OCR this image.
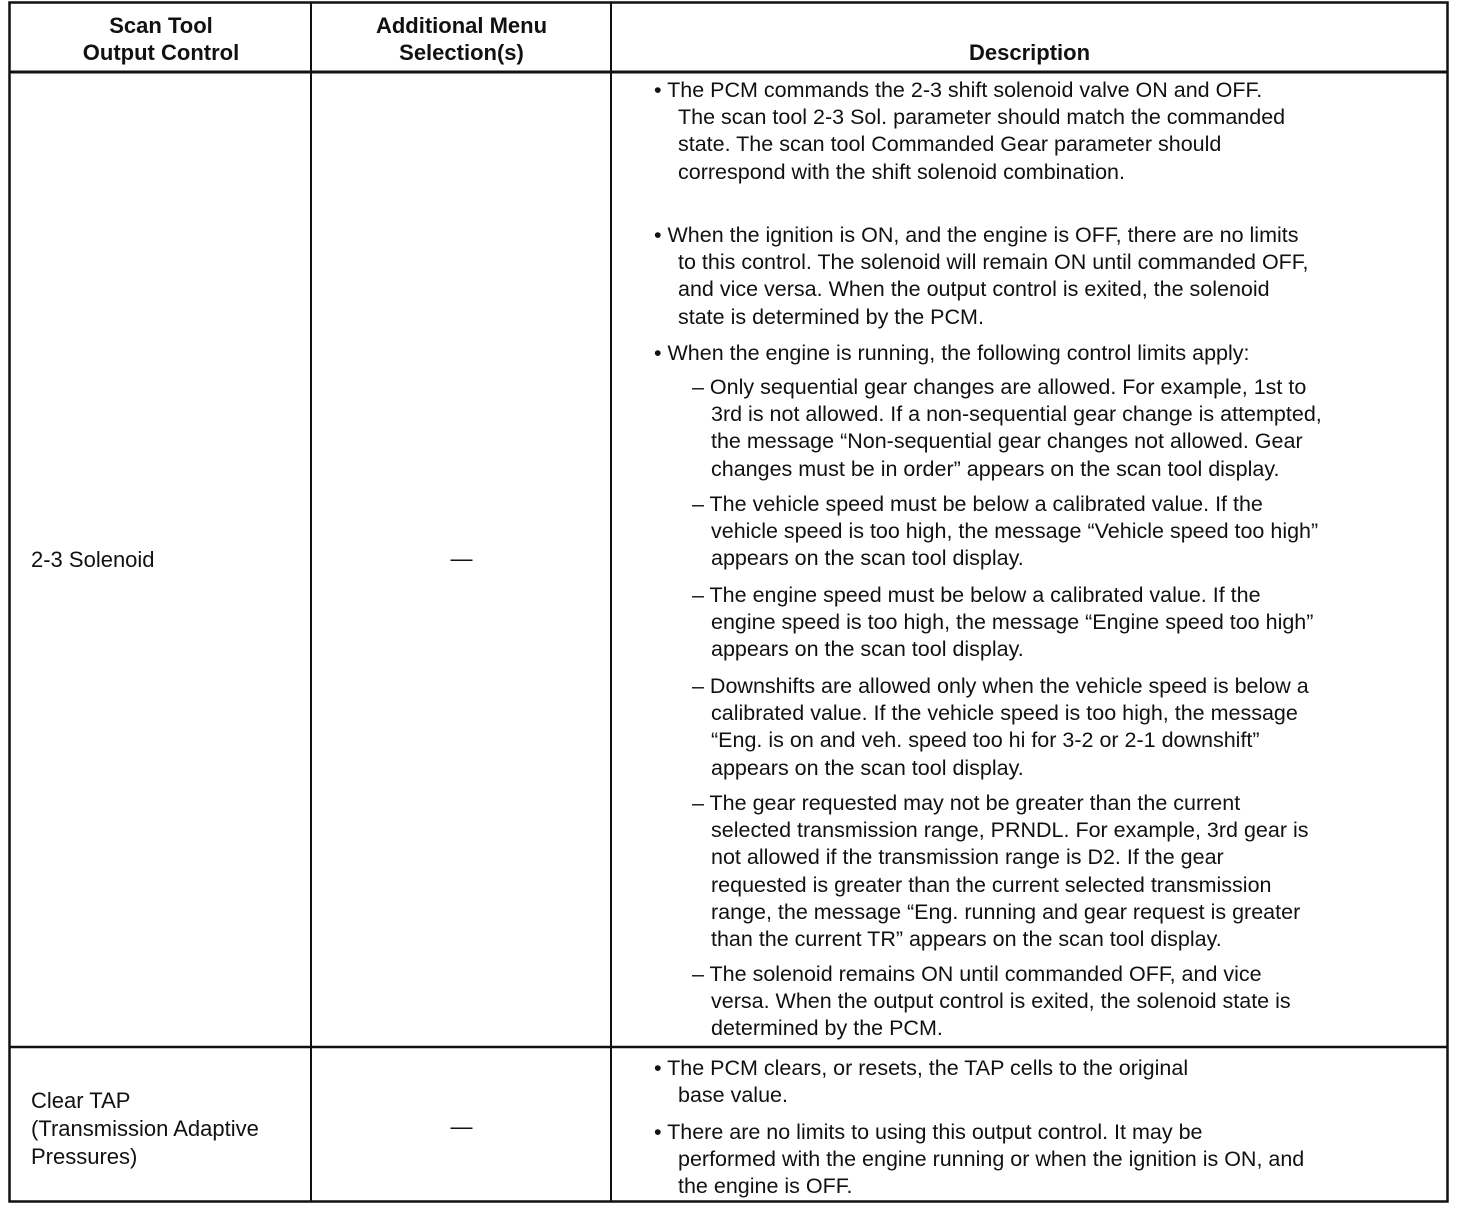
Scan Tool
Output Control
Additional Menu
Selection(s)	Description
2-3 Solenoid	—
• The PCM commands the 2-3 shift solenoid valve ON and OFF.
The scan tool 2-3 Sol. parameter should match the commanded
state. The scan tool Commanded Gear parameter should
correspond with the shift solenoid combination.
• When the ignition is ON, and the engine is OFF, there are no limits
to this control. The solenoid will remain ON until commanded OFF,
and vice versa. When the output control is exited, the solenoid
state is determined by the PCM.
• When the engine is running, the following control limits apply:
– Only sequential gear changes are allowed. For example, 1st to
3rd is not allowed. If a non-sequential gear change is attempted,
the message “Non-sequential gear changes not allowed. Gear
changes must be in order” appears on the scan tool display.
– The vehicle speed must be below a calibrated value. If the
vehicle speed is too high, the message “Vehicle speed too high”
appears on the scan tool display.
– The engine speed must be below a calibrated value. If the
engine speed is too high, the message “Engine speed too high”
appears on the scan tool display.
– Downshifts are allowed only when the vehicle speed is below a
calibrated value. If the vehicle speed is too high, the message
“Eng. is on and veh. speed too hi for 3-2 or 2-1 downshift”
appears on the scan tool display.
– The gear requested may not be greater than the current
selected transmission range, PRNDL. For example, 3rd gear is
not allowed if the transmission range is D2. If the gear
requested is greater than the current selected transmission
range, the message “Eng. running and gear request is greater
than the current TR” appears on the scan tool display.
– The solenoid remains ON until commanded OFF, and vice
versa. When the output control is exited, the solenoid state is
determined by the PCM.
Clear TAP
(Transmission Adaptive
Pressures)
—
• The PCM clears, or resets, the TAP cells to the original
base value.
• There are no limits to using this output control. It may be
performed with the engine running or when the ignition is ON, and
the engine is OFF.
